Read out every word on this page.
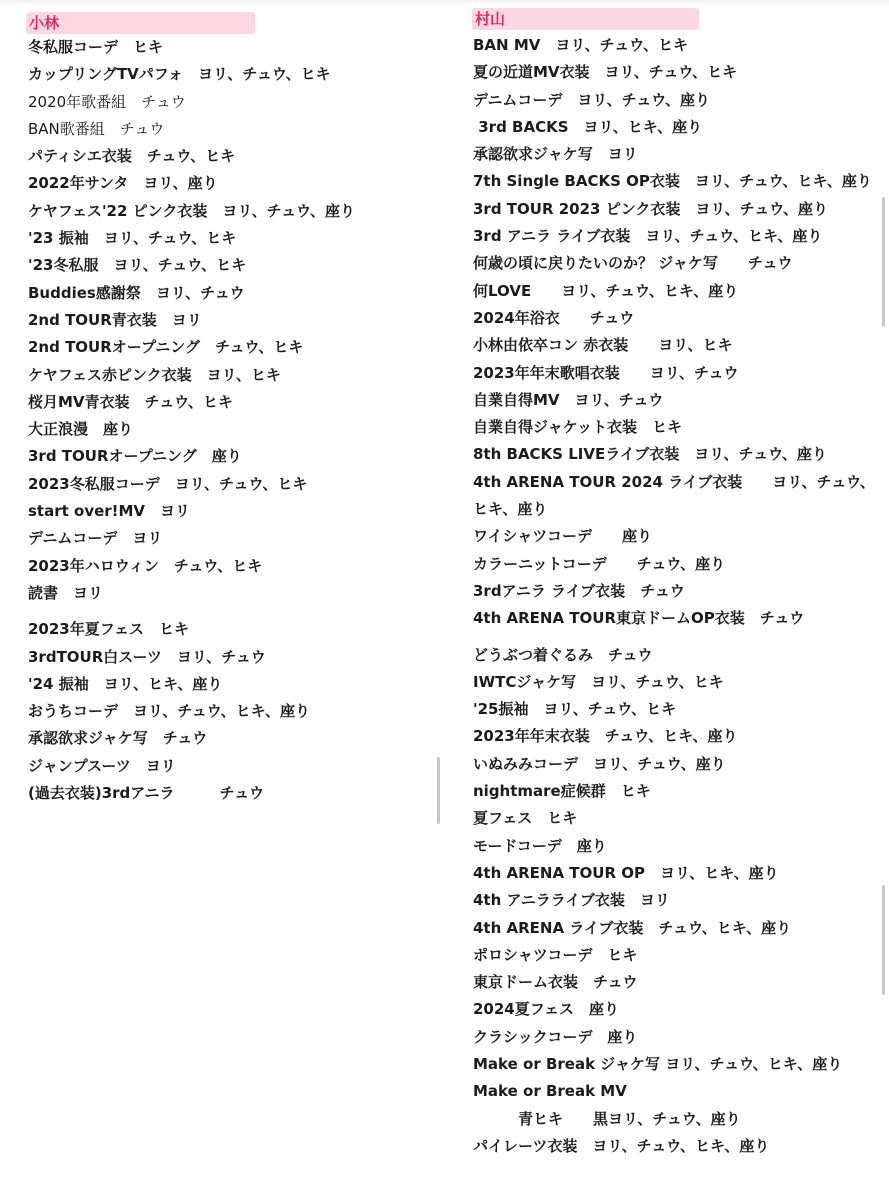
小林
冬私服コーデ　ヒキ
カップリングTVパフォ　ヨリ、チュウ、ヒキ
2020年歌番組　チュウ
BAN歌番組　チュウ
パティシエ衣装　チュウ、ヒキ
2022年サンタ　ヨリ、座り
ケヤフェス'22 ピンク衣装　ヨリ、チュウ、座り
'23 振袖　ヨリ、チュウ、ヒキ
'23冬私服　ヨリ、チュウ、ヒキ
Buddies感謝祭　ヨリ、チュウ
2nd TOUR青衣装　ヨリ
2nd TOURオープニング　チュウ、ヒキ
ケヤフェス赤ピンク衣装　ヨリ、ヒキ
桜月MV青衣装　チュウ、ヒキ
大正浪漫　座り
3rd TOURオープニング　座り
2023冬私服コーデ　ヨリ、チュウ、ヒキ
start over!MV　ヨリ
デニムコーデ　ヨリ
2023年ハロウィン　チュウ、ヒキ
読書　ヨリ
2023年夏フェス　ヒキ
3rdTOUR白スーツ　ヨリ、チュウ
'24 振袖　ヨリ、ヒキ、座り
おうちコーデ　ヨリ、チュウ、ヒキ、座り
承認欲求ジャケ写　チュウ
ジャンプスーツ　ヨリ
(過去衣装)3rdアニラ　　　チュウ
村山
BAN MV　ヨリ、チュウ、ヒキ
夏の近道MV衣装　ヨリ、チュウ、ヒキ
デニムコーデ　ヨリ、チュウ、座り
3rd BACKS　ヨリ、ヒキ、座り
承認欲求ジャケ写　ヨリ
7th Single BACKS OP衣装　ヨリ、チュウ、ヒキ、座り
3rd TOUR 2023 ピンク衣装　ヨリ、チュウ、座り
3rd アニラ ライブ衣装　ヨリ、チュウ、ヒキ、座り
何歳の頃に戻りたいのか？ ジャケ写　　チュウ
何LOVE　　ヨリ、チュウ、ヒキ、座り
2024年浴衣　　チュウ
小林由依卒コン 赤衣装　　ヨリ、ヒキ
2023年年末歌唱衣装　　ヨリ、チュウ
自業自得MV　ヨリ、チュウ
自業自得ジャケット衣装　ヒキ
8th BACKS LIVEライブ衣装　ヨリ、チュウ、座り
4th ARENA TOUR 2024 ライブ衣装　　ヨリ、チュウ、ヒキ、座り
ワイシャツコーデ　　座り
カラーニットコーデ　　チュウ、座り
3rdアニラ ライブ衣装　チュウ
4th ARENA TOUR東京ドームOP衣装　チュウ
どうぶつ着ぐるみ　チュウ
IWTCジャケ写　ヨリ、チュウ、ヒキ
'25振袖　ヨリ、チュウ、ヒキ
2023年年末衣装　チュウ、ヒキ、座り
いぬみみコーデ　ヨリ、チュウ、座り
nightmare症候群　ヒキ
夏フェス　ヒキ
モードコーデ　座り
4th ARENA TOUR OP　ヨリ、ヒキ、座り
4th アニラライブ衣装　ヨリ
4th ARENA ライブ衣装　チュウ、ヒキ、座り
ポロシャツコーデ　ヒキ
東京ドーム衣装　チュウ
2024夏フェス　座り
クラシックコーデ　座り
Make or Break ジャケ写 ヨリ、チュウ、ヒキ、座り
Make or Break MV
　　　青ヒキ　　黒ヨリ、チュウ、座り
パイレーツ衣装　ヨリ、チュウ、ヒキ、座り
